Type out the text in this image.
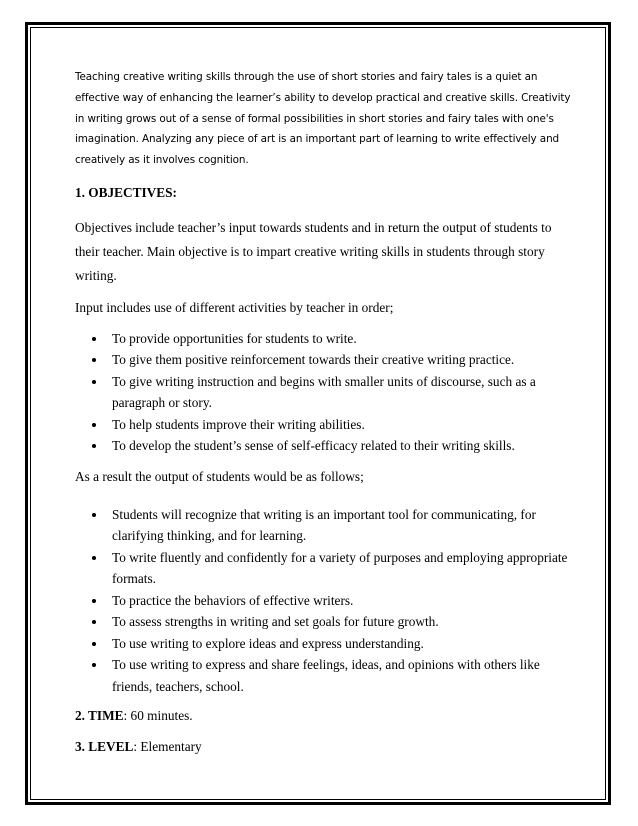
Teaching creative writing skills through the use of short stories and fairy tales is a quiet an effective way of enhancing the learner’s ability to develop practical and creative skills. Creativity in writing grows out of a sense of formal possibilities in short stories and fairy tales with one's imagination. Analyzing any piece of art is an important part of learning to write effectively and creatively as it involves cognition.

1. OBJECTIVES:

Objectives include teacher’s input towards students and in return the output of students to their teacher. Main objective is to impart creative writing skills in students through story writing.

Input includes use of different activities by teacher in order;

To provide opportunities for students to write.
To give them positive reinforcement towards their creative writing practice.
To give writing instruction and begins with smaller units of discourse, such as a paragraph or story.
To help students improve their writing abilities.
To develop the student’s sense of self-efficacy related to their writing skills.

As a result the output of students would be as follows;

Students will recognize that writing is an important tool for communicating, for clarifying thinking, and for learning.
To write fluently and confidently for a variety of purposes and employing appropriate formats.
To practice the behaviors of effective writers.
To assess strengths in writing and set goals for future growth.
To use writing to explore ideas and express understanding.
To use writing to express and share feelings, ideas, and opinions with others like friends, teachers, school.

2. TIME: 60 minutes.

3. LEVEL: Elementary
